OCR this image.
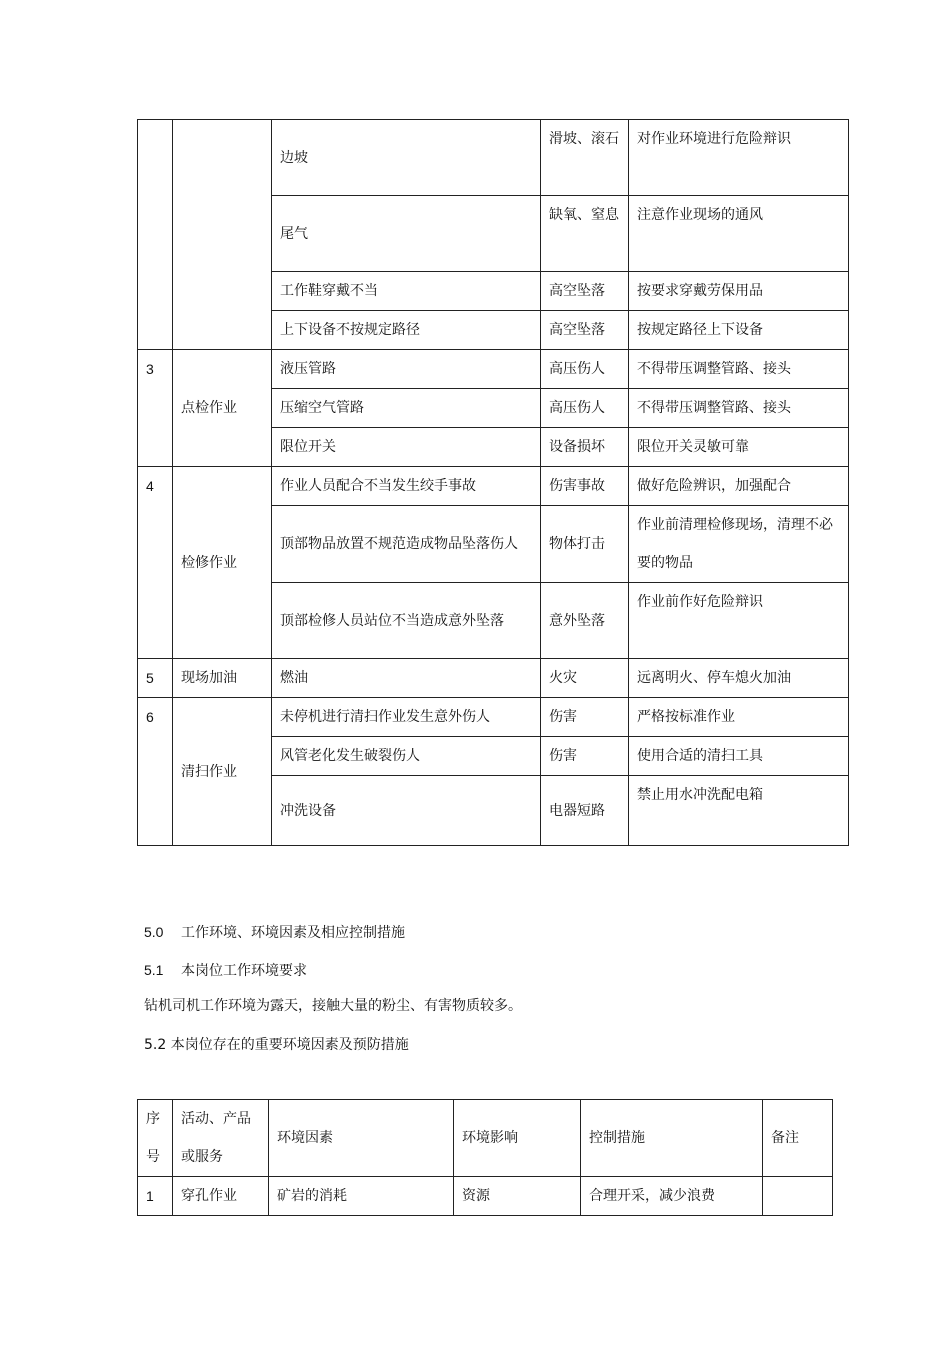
		边坡	滑坡、滚石	对作业环境进行危险辩识
		尾气	缺氧、窒息	注意作业现场的通风
		工作鞋穿戴不当	高空坠落	按要求穿戴劳保用品
		上下设备不按规定路径	高空坠落	按规定路径上下设备
3	点检作业	液压管路	高压伤人	不得带压调整管路、接头
		压缩空气管路	高压伤人	不得带压调整管路、接头
		限位开关	设备损坏	限位开关灵敏可靠
4	检修作业	作业人员配合不当发生绞手事故	伤害事故	做好危险辨识，加强配合
		顶部物品放置不规范造成物品坠落伤人	物体打击	作业前清理检修现场，清理不必要的物品
		顶部检修人员站位不当造成意外坠落	意外坠落	作业前作好危险辩识
5	现场加油	燃油	火灾	远离明火、停车熄火加油
6	清扫作业	未停机进行清扫作业发生意外伤人	伤害	严格按标准作业
		风管老化发生破裂伤人	伤害	使用合适的清扫工具
		冲洗设备	电器短路	禁止用水冲洗配电箱
5.0 工作环境、环境因素及相应控制措施
5.1 本岗位工作环境要求
钻机司机工作环境为露天，接触大量的粉尘、有害物质较多。
5.2 本岗位存在的重要环境因素及预防措施
序号	活动、产品或服务	环境因素	环境影响	控制措施	备注
1	穿孔作业	矿岩的消耗	资源	合理开采，减少浪费	
